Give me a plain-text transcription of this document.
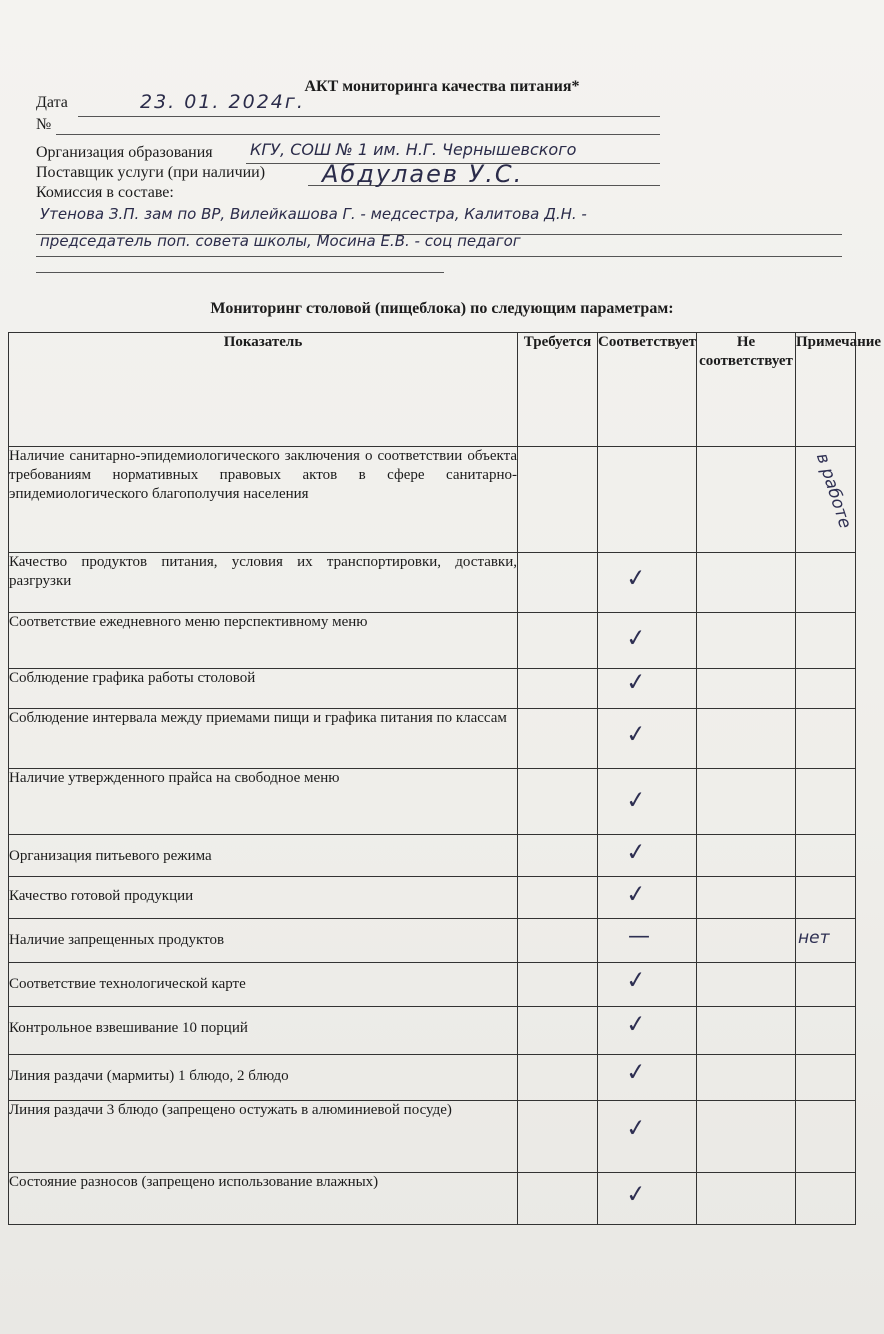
АКТ мониторинга качества питания*
Дата	23. 01. 2024г.
№
Организация образования КГУ, СОШ № 1 им. Н.Г. Чернышевского
Поставщик услуги (при наличии) Абдулаев У.С.
Комиссия в составе:
Утенова З.П. зам по ВР, Вилейкашова Г. - медсестра, Калитова Д.Н. -
председатель поп. совета школы, Мосина Е.В. - соц педагог
Мониторинг столовой (пищеблока) по следующим параметрам:
Показатель	Требуется	Соответствует	Не соответствует	Примечание
Наличие санитарно-эпидемиологического заключения о соответствии объекта требованиям нормативных правовых актов в сфере санитарно-эпидемиологического благополучия населения				в работе

Качество продуктов питания, условия их транспортировки, доставки, разгрузки		✓		

Соответствие ежедневного меню перспективному меню		✓		

Соблюдение графика работы столовой		✓		

Соблюдение интервала между приемами пищи и графика питания по классам		✓		

Наличие утвержденного прайса на свободное меню		✓		

Организация питьевого режима		✓		

Качество готовой продукции		✓		

Наличие запрещенных продуктов		—		нет

Соответствие технологической карте		✓		

Контрольное взвешивание 10 порций		✓		

Линия раздачи (мармиты) 1 блюдо, 2 блюдо		✓		

Линия раздачи 3 блюдо (запрещено остужать в алюминиевой посуде)		✓		

Состояние разносов (запрещено использование влажных)		✓		
